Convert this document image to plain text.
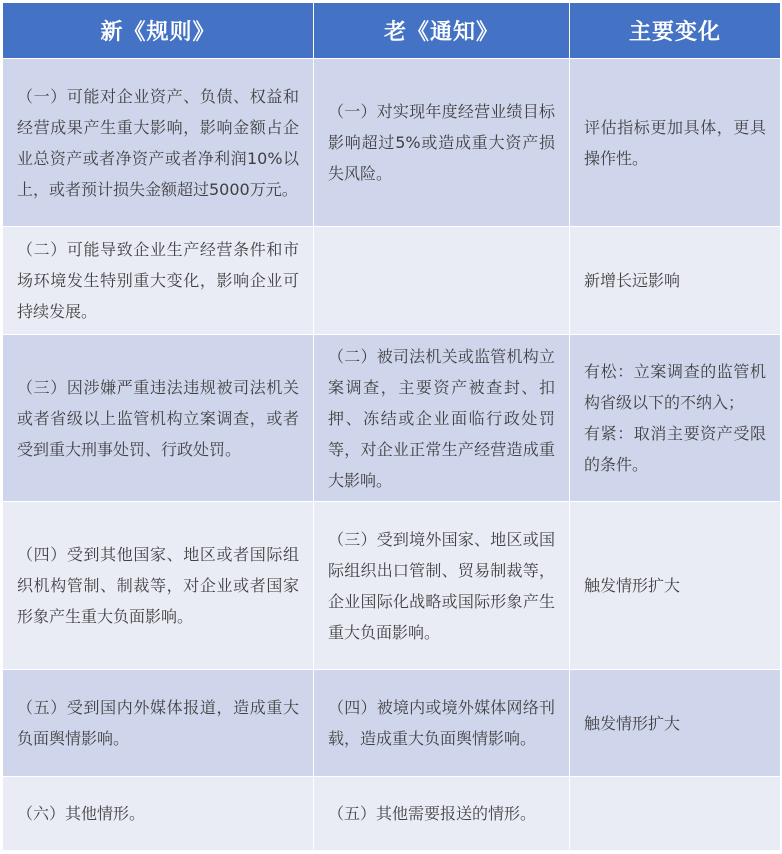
新《规则》	老《通知》	主要变化
（一）可能对企业资产、负债、权益和经营成果产生重大影响，影响金额占企业总资产或者净资产或者净利润10%以上，或者预计损失金额超过5000万元。	（一）对实现年度经营业绩目标影响超过5%或造成重大资产损失风险。	评估指标更加具体，更具操作性。
（二）可能导致企业生产经营条件和市场环境发生特别重大变化，影响企业可持续发展。		新增长远影响
（三）因涉嫌严重违法违规被司法机关或者省级以上监管机构立案调查，或者受到重大刑事处罚、行政处罚。	（二）被司法机关或监管机构立案调查，主要资产被查封、扣押、冻结或企业面临行政处罚等，对企业正常生产经营造成重大影响。	有松：立案调查的监管机构省级以下的不纳入；
有紧：取消主要资产受限的条件。
（四）受到其他国家、地区或者国际组织机构管制、制裁等，对企业或者国家形象产生重大负面影响。	（三）受到境外国家、地区或国际组织出口管制、贸易制裁等，企业国际化战略或国际形象产生重大负面影响。	触发情形扩大
（五）受到国内外媒体报道，造成重大负面舆情影响。	（四）被境内或境外媒体网络刊载，造成重大负面舆情影响。	触发情形扩大
（六）其他情形。	（五）其他需要报送的情形。	
